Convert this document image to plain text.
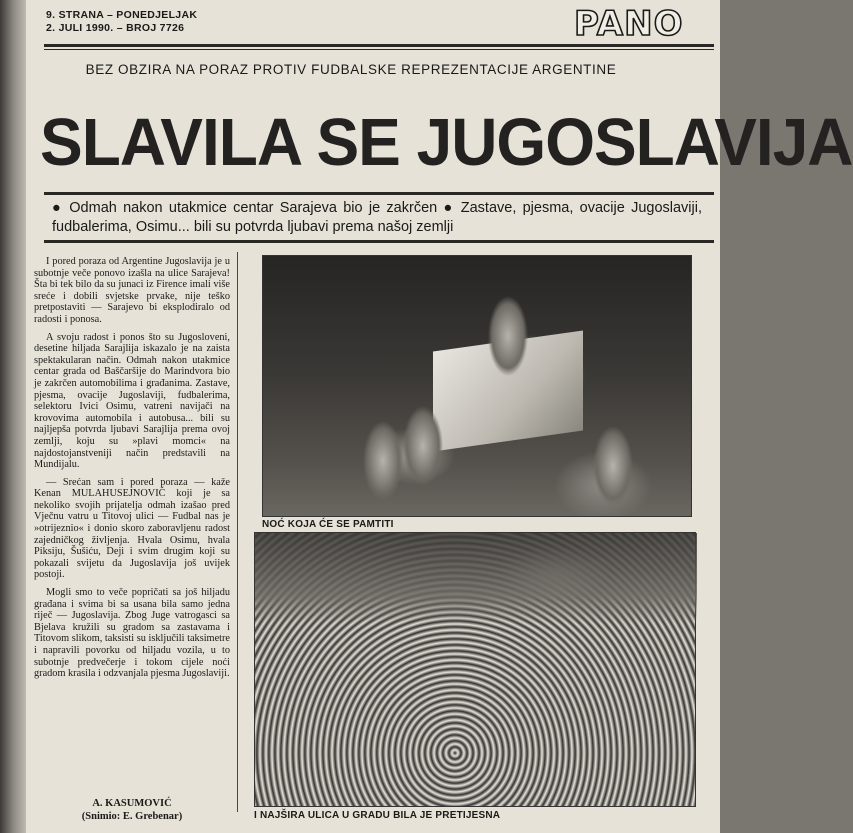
9. STRANA – PONEDJELJAK
2. JULI 1990. – BROJ 7726	PANO
BEZ OBZIRA NA PORAZ PROTIV FUDBALSKE REPREZENTACIJE ARGENTINE
SLAVILA SE JUGOSLAVIJA
● Odmah nakon utakmice centar Sarajeva bio je zakrčen ● Zastave, pjesma, ovacije Jugoslaviji, fudbalerima, Osimu... bili su potvrda ljubavi prema našoj zemlji

I pored poraza od Argentine Jugoslavija je u subotnje veče ponovo izašla na ulice Sarajeva! Šta bi tek bilo da su junaci iz Firence imali više sreće i dobili svjetske prvake, nije teško pretpostaviti — Sarajevo bi eksplodiralo od radosti i ponosa.

A svoju radost i ponos što su Jugosloveni, desetine hiljada Sarajlija iskazalo je na zaista spektakularan način. Odmah nakon utakmice centar grada od Baščaršije do Marindvora bio je zakrčen automobilima i građanima. Zastave, pjesma, ovacije Jugoslaviji, fudbalerima, selektoru Ivici Osimu, vatreni navijači na krovovima automobila i autobusa... bili su najljepša potvrda ljubavi Sarajlija prema ovoj zemlji, koju su »plavi momci« na najdostojanstveniji način predstavili na Mundijalu.

— Srećan sam i pored poraza — kaže Kenan MULAHUSEJNOVIĆ koji je sa nekoliko svojih prijatelja odmah izašao pred Vječnu vatru u Titovoj ulici — Fudbal nas je »otrijeznio« i donio skoro zaboravljenu radost zajedničkog življenja. Hvala Osimu, hvala Piksiju, Šušiću, Deji i svim drugim koji su pokazali svijetu da Jugoslavija još uvijek postoji.

Mogli smo to veče popričati sa još hiljadu građana i svima bi sa usana bila samo jedna riječ — Jugoslavija. Zbog Juge vatrogasci sa Bjelava kružili su gradom sa zastavama i Titovom slikom, taksisti su isključili taksimetre i napravili povorku od hiljadu vozila, u to subotnje predvečerje i tokom cijele noći gradom krasila i odzvanjala pjesma Jugoslaviji.

A. KASUMOVIĆ
(Snimio: E. Grebenar)
NOĆ KOJA ĆE SE PAMTITI
I NAJŠIRA ULICA U GRADU BILA JE PRETIJESNA
